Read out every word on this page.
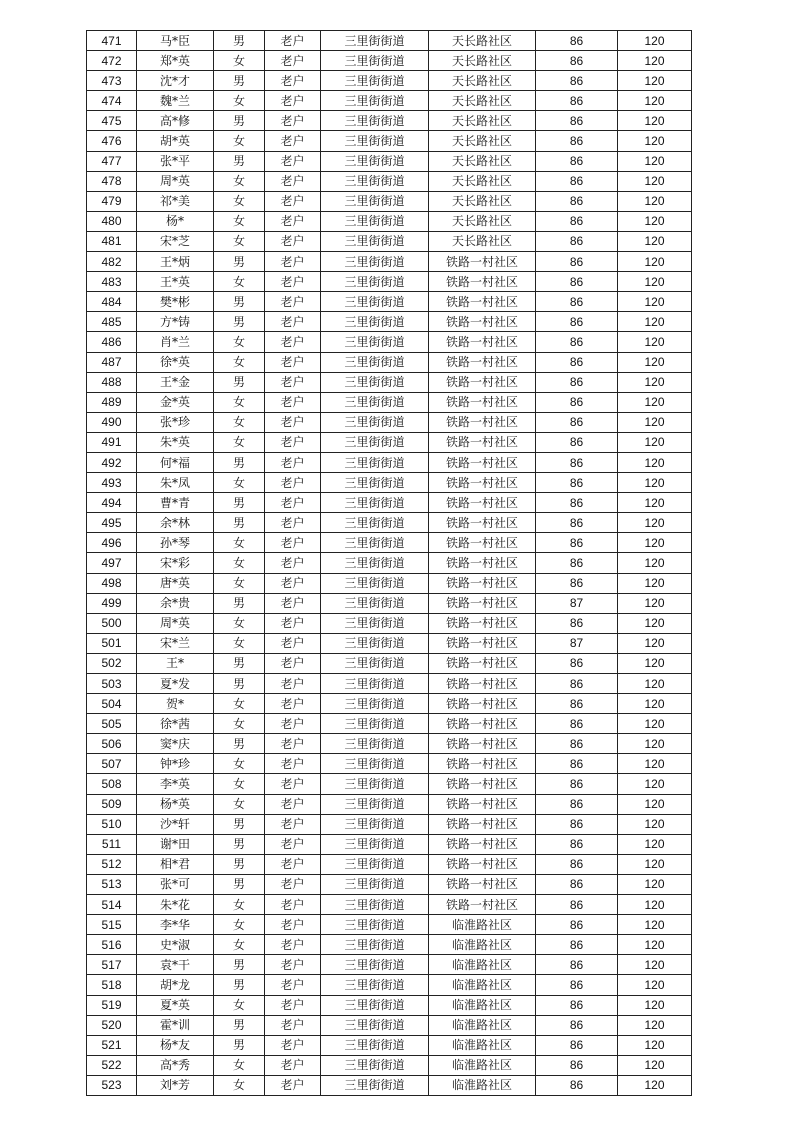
471	马*臣	男	老户	三里街街道	天长路社区	86	120
472	郑*英	女	老户	三里街街道	天长路社区	86	120
473	沈*才	男	老户	三里街街道	天长路社区	86	120
474	魏*兰	女	老户	三里街街道	天长路社区	86	120
475	高*修	男	老户	三里街街道	天长路社区	86	120
476	胡*英	女	老户	三里街街道	天长路社区	86	120
477	张*平	男	老户	三里街街道	天长路社区	86	120
478	周*英	女	老户	三里街街道	天长路社区	86	120
479	祁*美	女	老户	三里街街道	天长路社区	86	120
480	杨*	女	老户	三里街街道	天长路社区	86	120
481	宋*芝	女	老户	三里街街道	天长路社区	86	120
482	王*炳	男	老户	三里街街道	铁路一村社区	86	120
483	王*英	女	老户	三里街街道	铁路一村社区	86	120
484	樊*彬	男	老户	三里街街道	铁路一村社区	86	120
485	方*铸	男	老户	三里街街道	铁路一村社区	86	120
486	肖*兰	女	老户	三里街街道	铁路一村社区	86	120
487	徐*英	女	老户	三里街街道	铁路一村社区	86	120
488	王*金	男	老户	三里街街道	铁路一村社区	86	120
489	金*英	女	老户	三里街街道	铁路一村社区	86	120
490	张*珍	女	老户	三里街街道	铁路一村社区	86	120
491	朱*英	女	老户	三里街街道	铁路一村社区	86	120
492	何*福	男	老户	三里街街道	铁路一村社区	86	120
493	朱*凤	女	老户	三里街街道	铁路一村社区	86	120
494	曹*青	男	老户	三里街街道	铁路一村社区	86	120
495	余*林	男	老户	三里街街道	铁路一村社区	86	120
496	孙*琴	女	老户	三里街街道	铁路一村社区	86	120
497	宋*彩	女	老户	三里街街道	铁路一村社区	86	120
498	唐*英	女	老户	三里街街道	铁路一村社区	86	120
499	余*贵	男	老户	三里街街道	铁路一村社区	87	120
500	周*英	女	老户	三里街街道	铁路一村社区	86	120
501	宋*兰	女	老户	三里街街道	铁路一村社区	87	120
502	王*	男	老户	三里街街道	铁路一村社区	86	120
503	夏*发	男	老户	三里街街道	铁路一村社区	86	120
504	贺*	女	老户	三里街街道	铁路一村社区	86	120
505	徐*茜	女	老户	三里街街道	铁路一村社区	86	120
506	窦*庆	男	老户	三里街街道	铁路一村社区	86	120
507	钟*珍	女	老户	三里街街道	铁路一村社区	86	120
508	李*英	女	老户	三里街街道	铁路一村社区	86	120
509	杨*英	女	老户	三里街街道	铁路一村社区	86	120
510	沙*轩	男	老户	三里街街道	铁路一村社区	86	120
511	谢*田	男	老户	三里街街道	铁路一村社区	86	120
512	相*君	男	老户	三里街街道	铁路一村社区	86	120
513	张*可	男	老户	三里街街道	铁路一村社区	86	120
514	朱*花	女	老户	三里街街道	铁路一村社区	86	120
515	李*华	女	老户	三里街街道	临淮路社区	86	120
516	史*淑	女	老户	三里街街道	临淮路社区	86	120
517	袁*干	男	老户	三里街街道	临淮路社区	86	120
518	胡*龙	男	老户	三里街街道	临淮路社区	86	120
519	夏*英	女	老户	三里街街道	临淮路社区	86	120
520	霍*训	男	老户	三里街街道	临淮路社区	86	120
521	杨*友	男	老户	三里街街道	临淮路社区	86	120
522	高*秀	女	老户	三里街街道	临淮路社区	86	120
523	刘*芳	女	老户	三里街街道	临淮路社区	86	120
